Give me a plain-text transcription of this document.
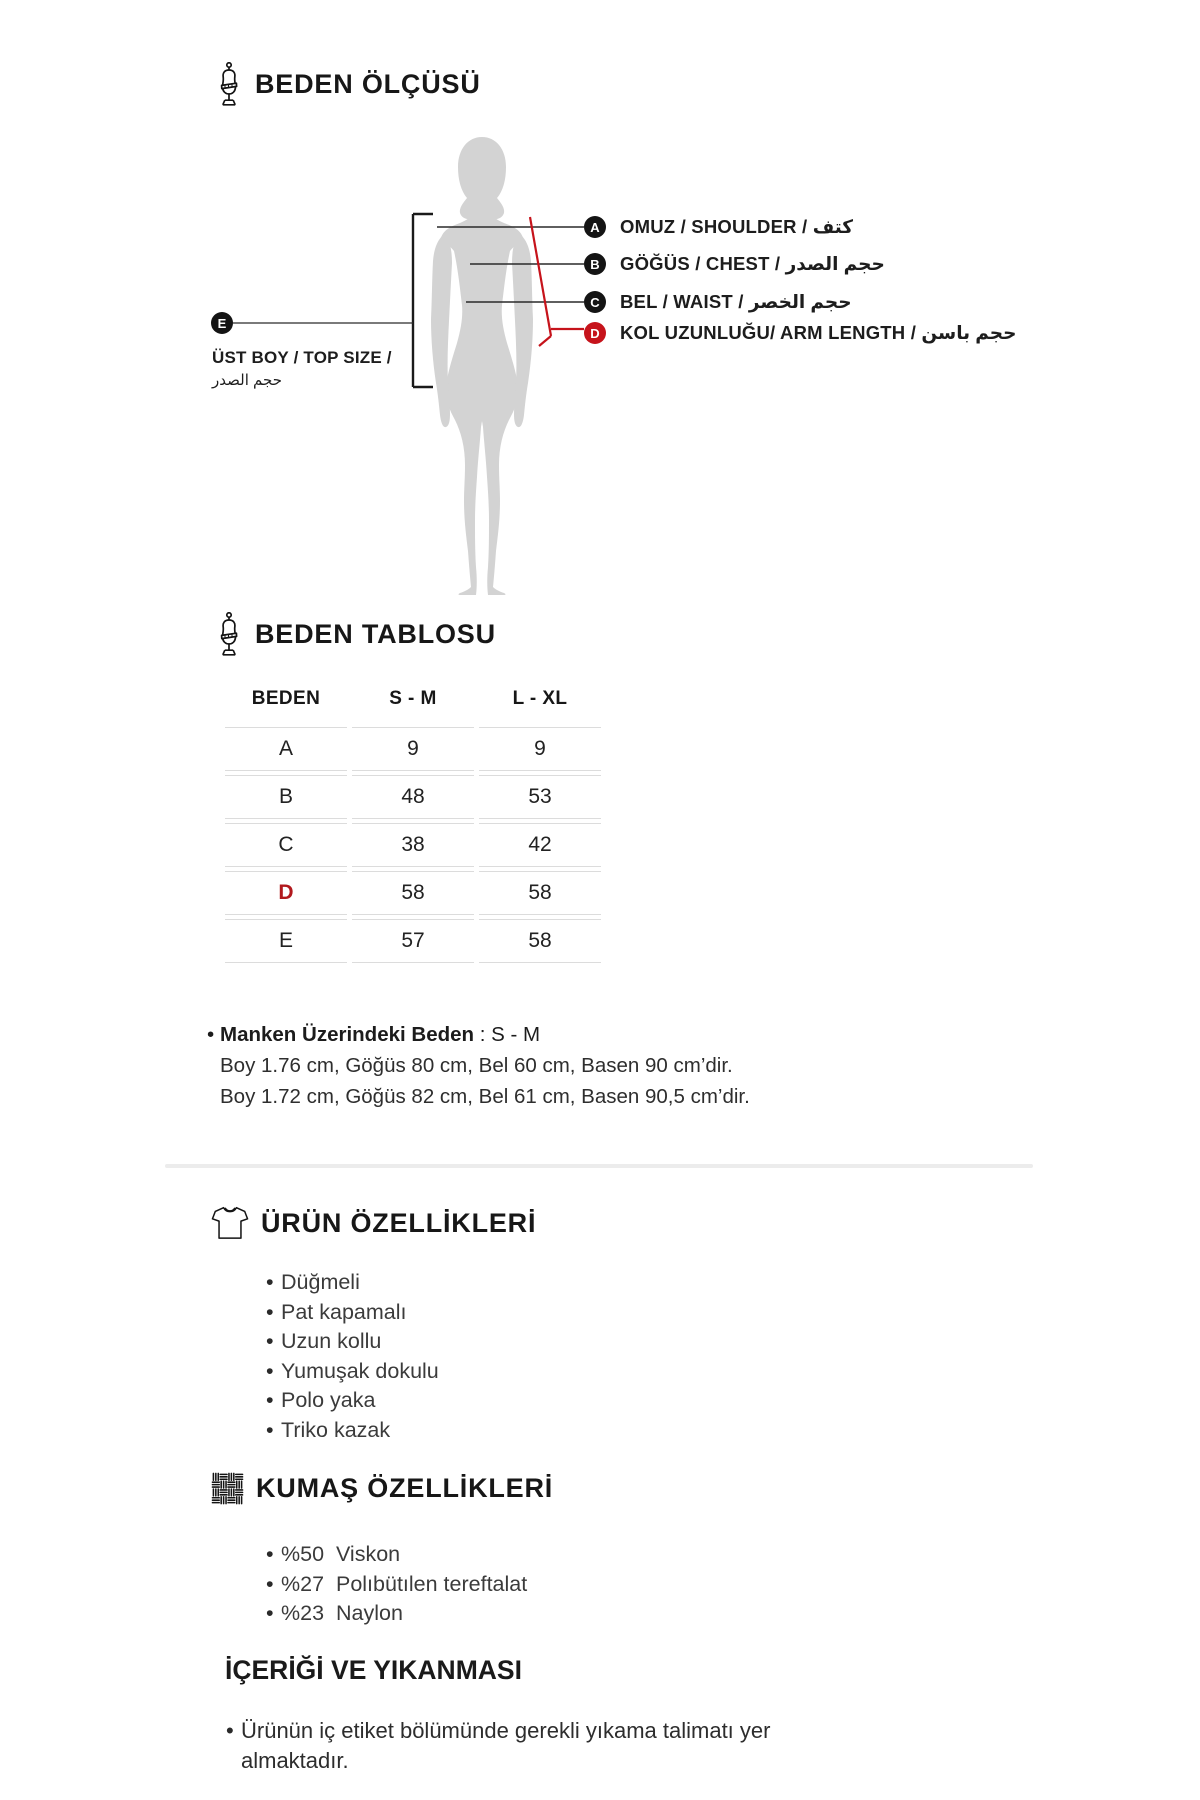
BEDEN ÖLÇÜSÜ
A
B
C
D
E
OMUZ / SHOULDER / كتف
GÖĞÜS / CHEST / حجم الصدر
BEL / WAIST / حجم الخصر
KOL UZUNLUĞU/ ARM LENGTH / حجم باسن
ÜST BOY / TOP SIZE /
حجم الصدر
BEDEN TABLOSU
BEDEN	S - M	L - XL
A	9	9
B	48	53
C	38	42
D	58	58
E	57	58
• Manken Üzerindeki Beden : S - M
Boy 1.76 cm, Göğüs 80 cm, Bel 60 cm, Basen 90 cm’dir.
Boy 1.72 cm, Göğüs 82 cm, Bel 61 cm, Basen 90,5 cm’dir.
ÜRÜN ÖZELLİKLERİ
• Düğmeli
• Pat kapamalı
• Uzun kollu
• Yumuşak dokulu
• Polo yaka
• Triko kazak
KUMAŞ ÖZELLİKLERİ
• %50  Viskon
• %27  Polıbütılen tereftalat
• %23  Naylon
İÇERİĞİ VE YIKANMASI
• Ürünün iç etiket bölümünde gerekli yıkama talimatı yer almaktadır.
